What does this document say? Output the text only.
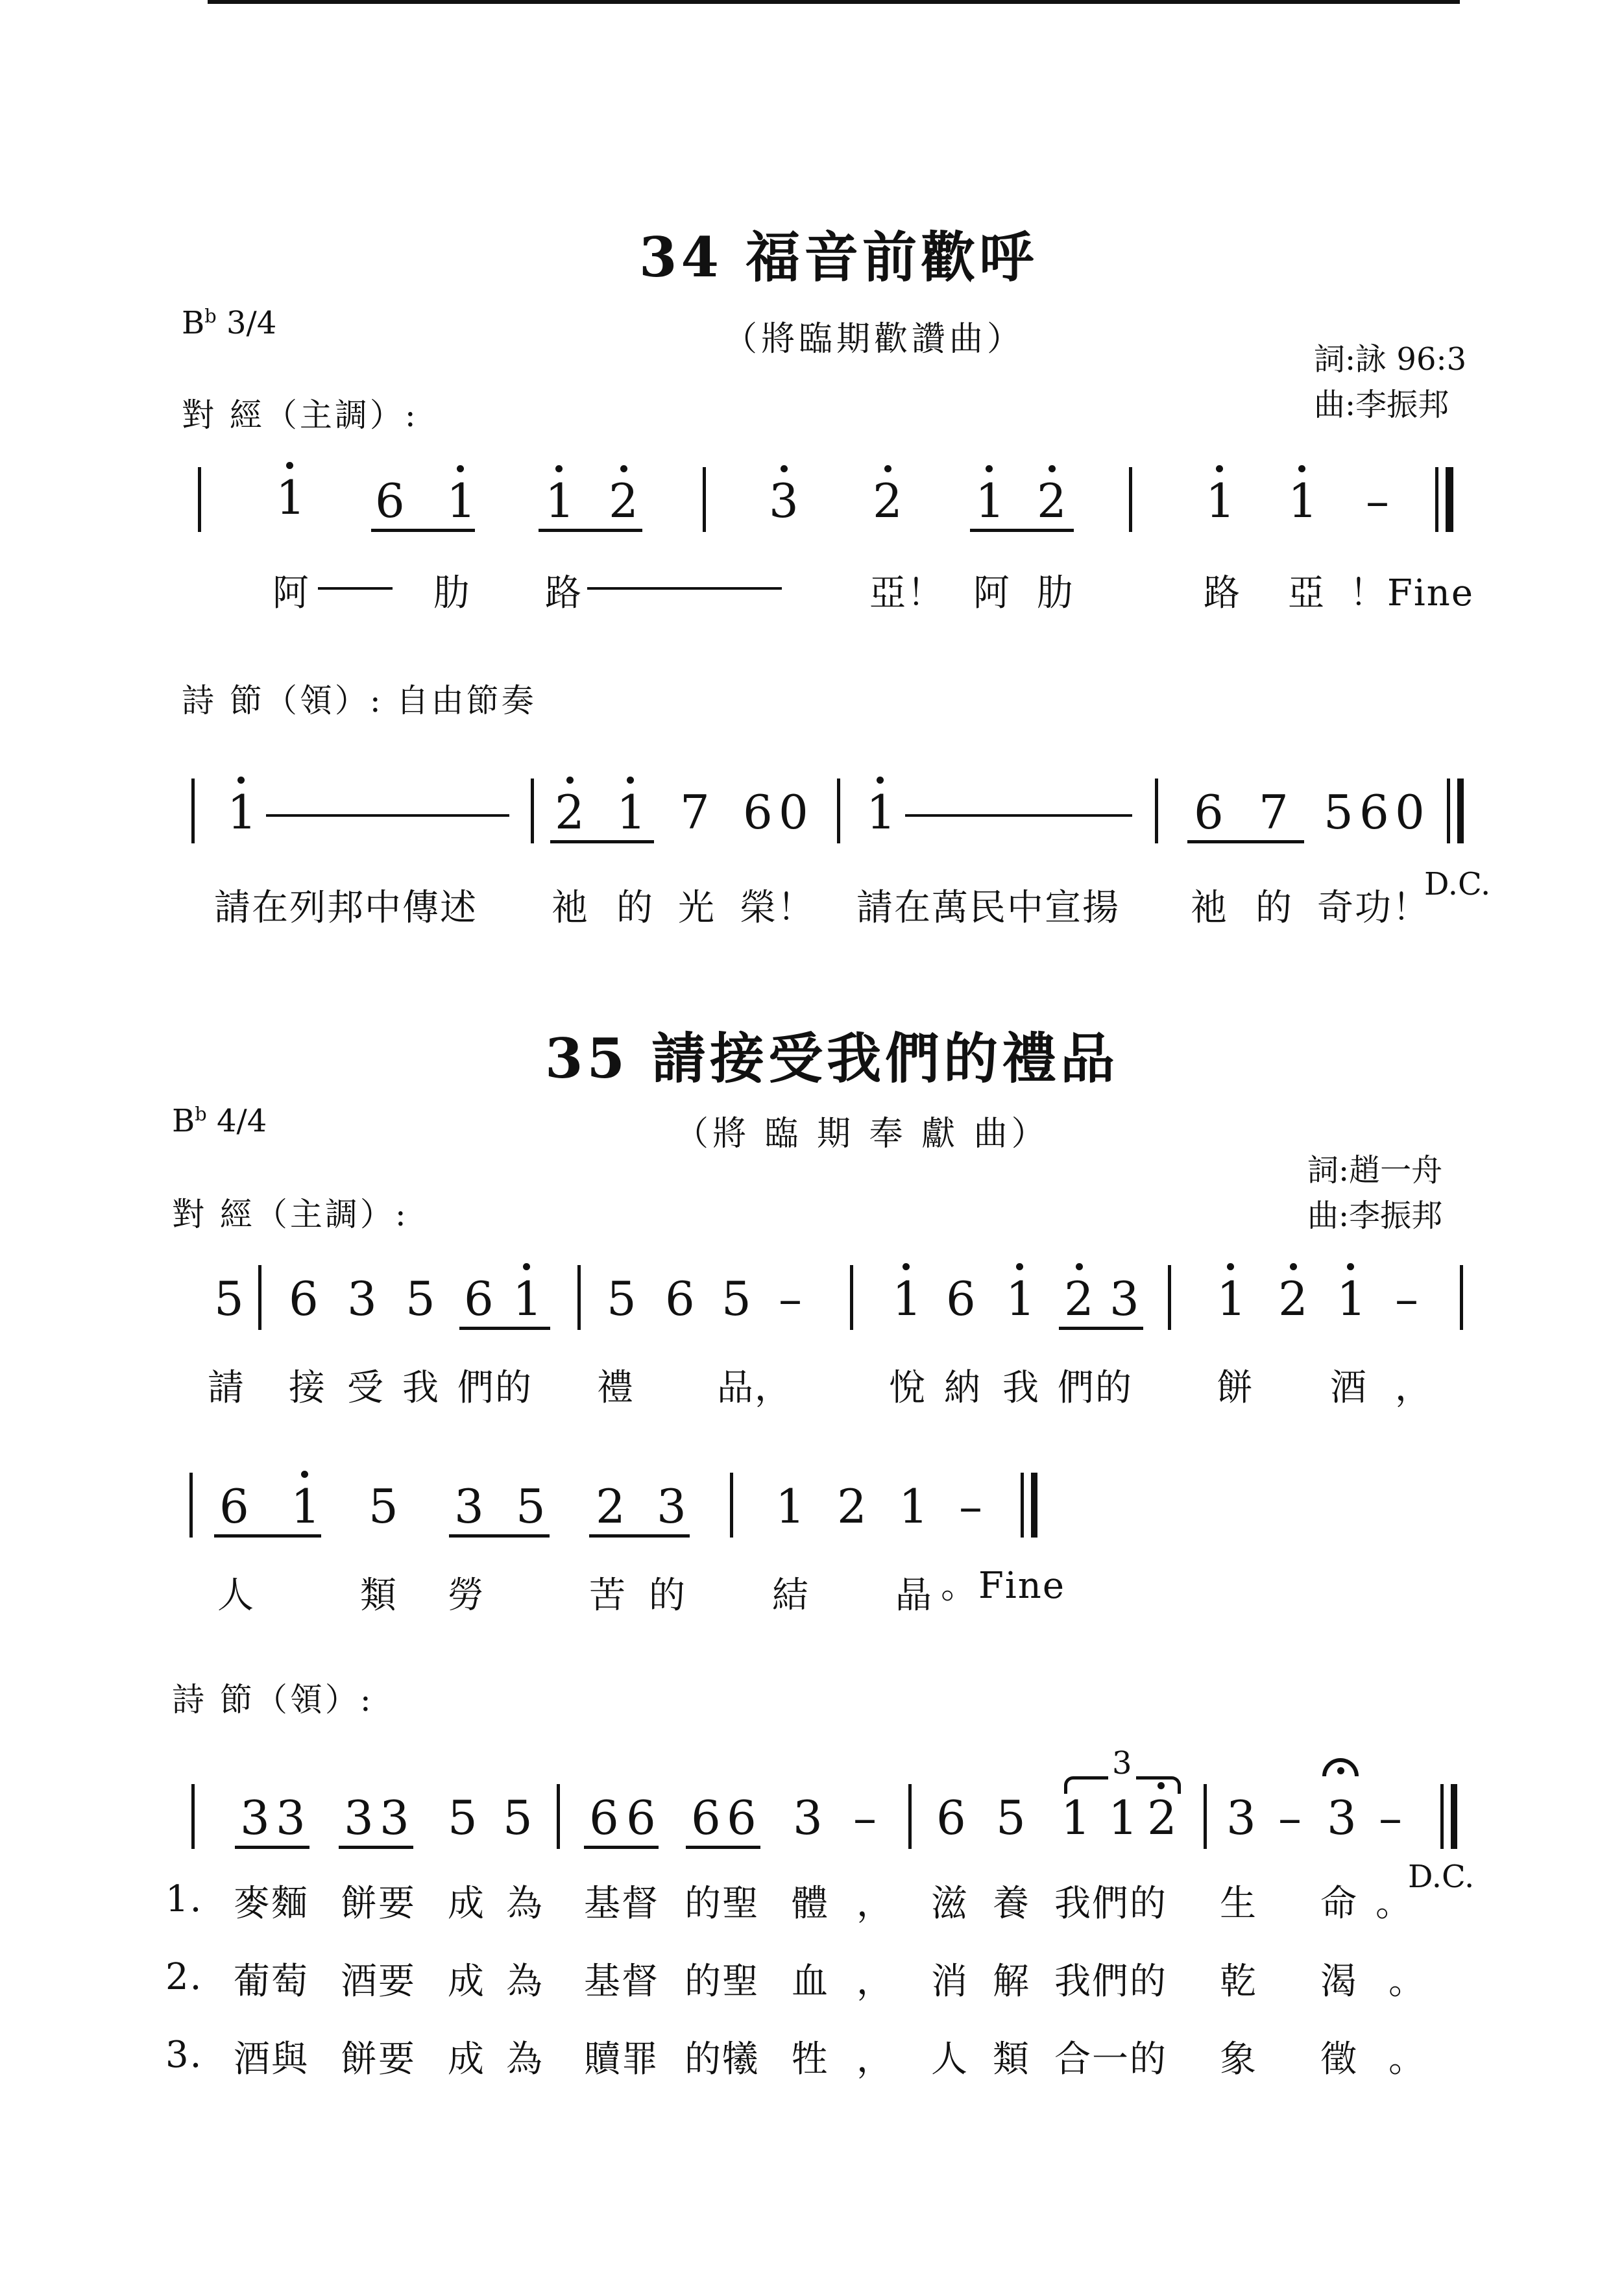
34 福音前歡呼
$B^b$ 3/4	（將臨期歡讚曲）
詞:詠 96:3
曲:李振邦
對 經（主調）:
1 6 1 1 2	3 2 1 2	1 1 –
阿	肋 路	亞！ 阿 肋	路 亞 ！Fine
詩 節（領）: 自由節奏
1	2 1 7 6 0 1	6 7 5 6 0
請在列邦中傳述 祂 的 光 榮！ 請在萬民中宣揚 祂 的 奇功！
D.C.
35 請接受我們的禮品
$B^b$ 4/4	（將 臨 期 奉 獻 曲）
詞:趙一舟
曲:李振邦
對 經（主調）:
5 6 3 5 6 1 5 6 5 – 1 6 1 2 3 1 2 1 –
請 接 受 我 們的 禮 品，	悅 納 我 們的 餅 酒 ，
6 1 5 3 5 2 3 1 2 1 –
人	類 勞	苦 的 結 晶 。Fine
詩 節（領）:
3 3 3 3 5 5 6 6 6 6 3 – 6 5 1 1 2
3
3 – 3 –
D.C.
1. 麥麵 餅要 成 為 基督 的聖 體 ， 滋 養 我們的 生 命 。
2. 葡萄 酒要 成 為 基督 的聖 血 ， 消 解 我們的 乾 渴 。
3. 酒與 餅要 成 為 贖罪 的犧 牲 ， 人 類 合一的 象 徵 。
